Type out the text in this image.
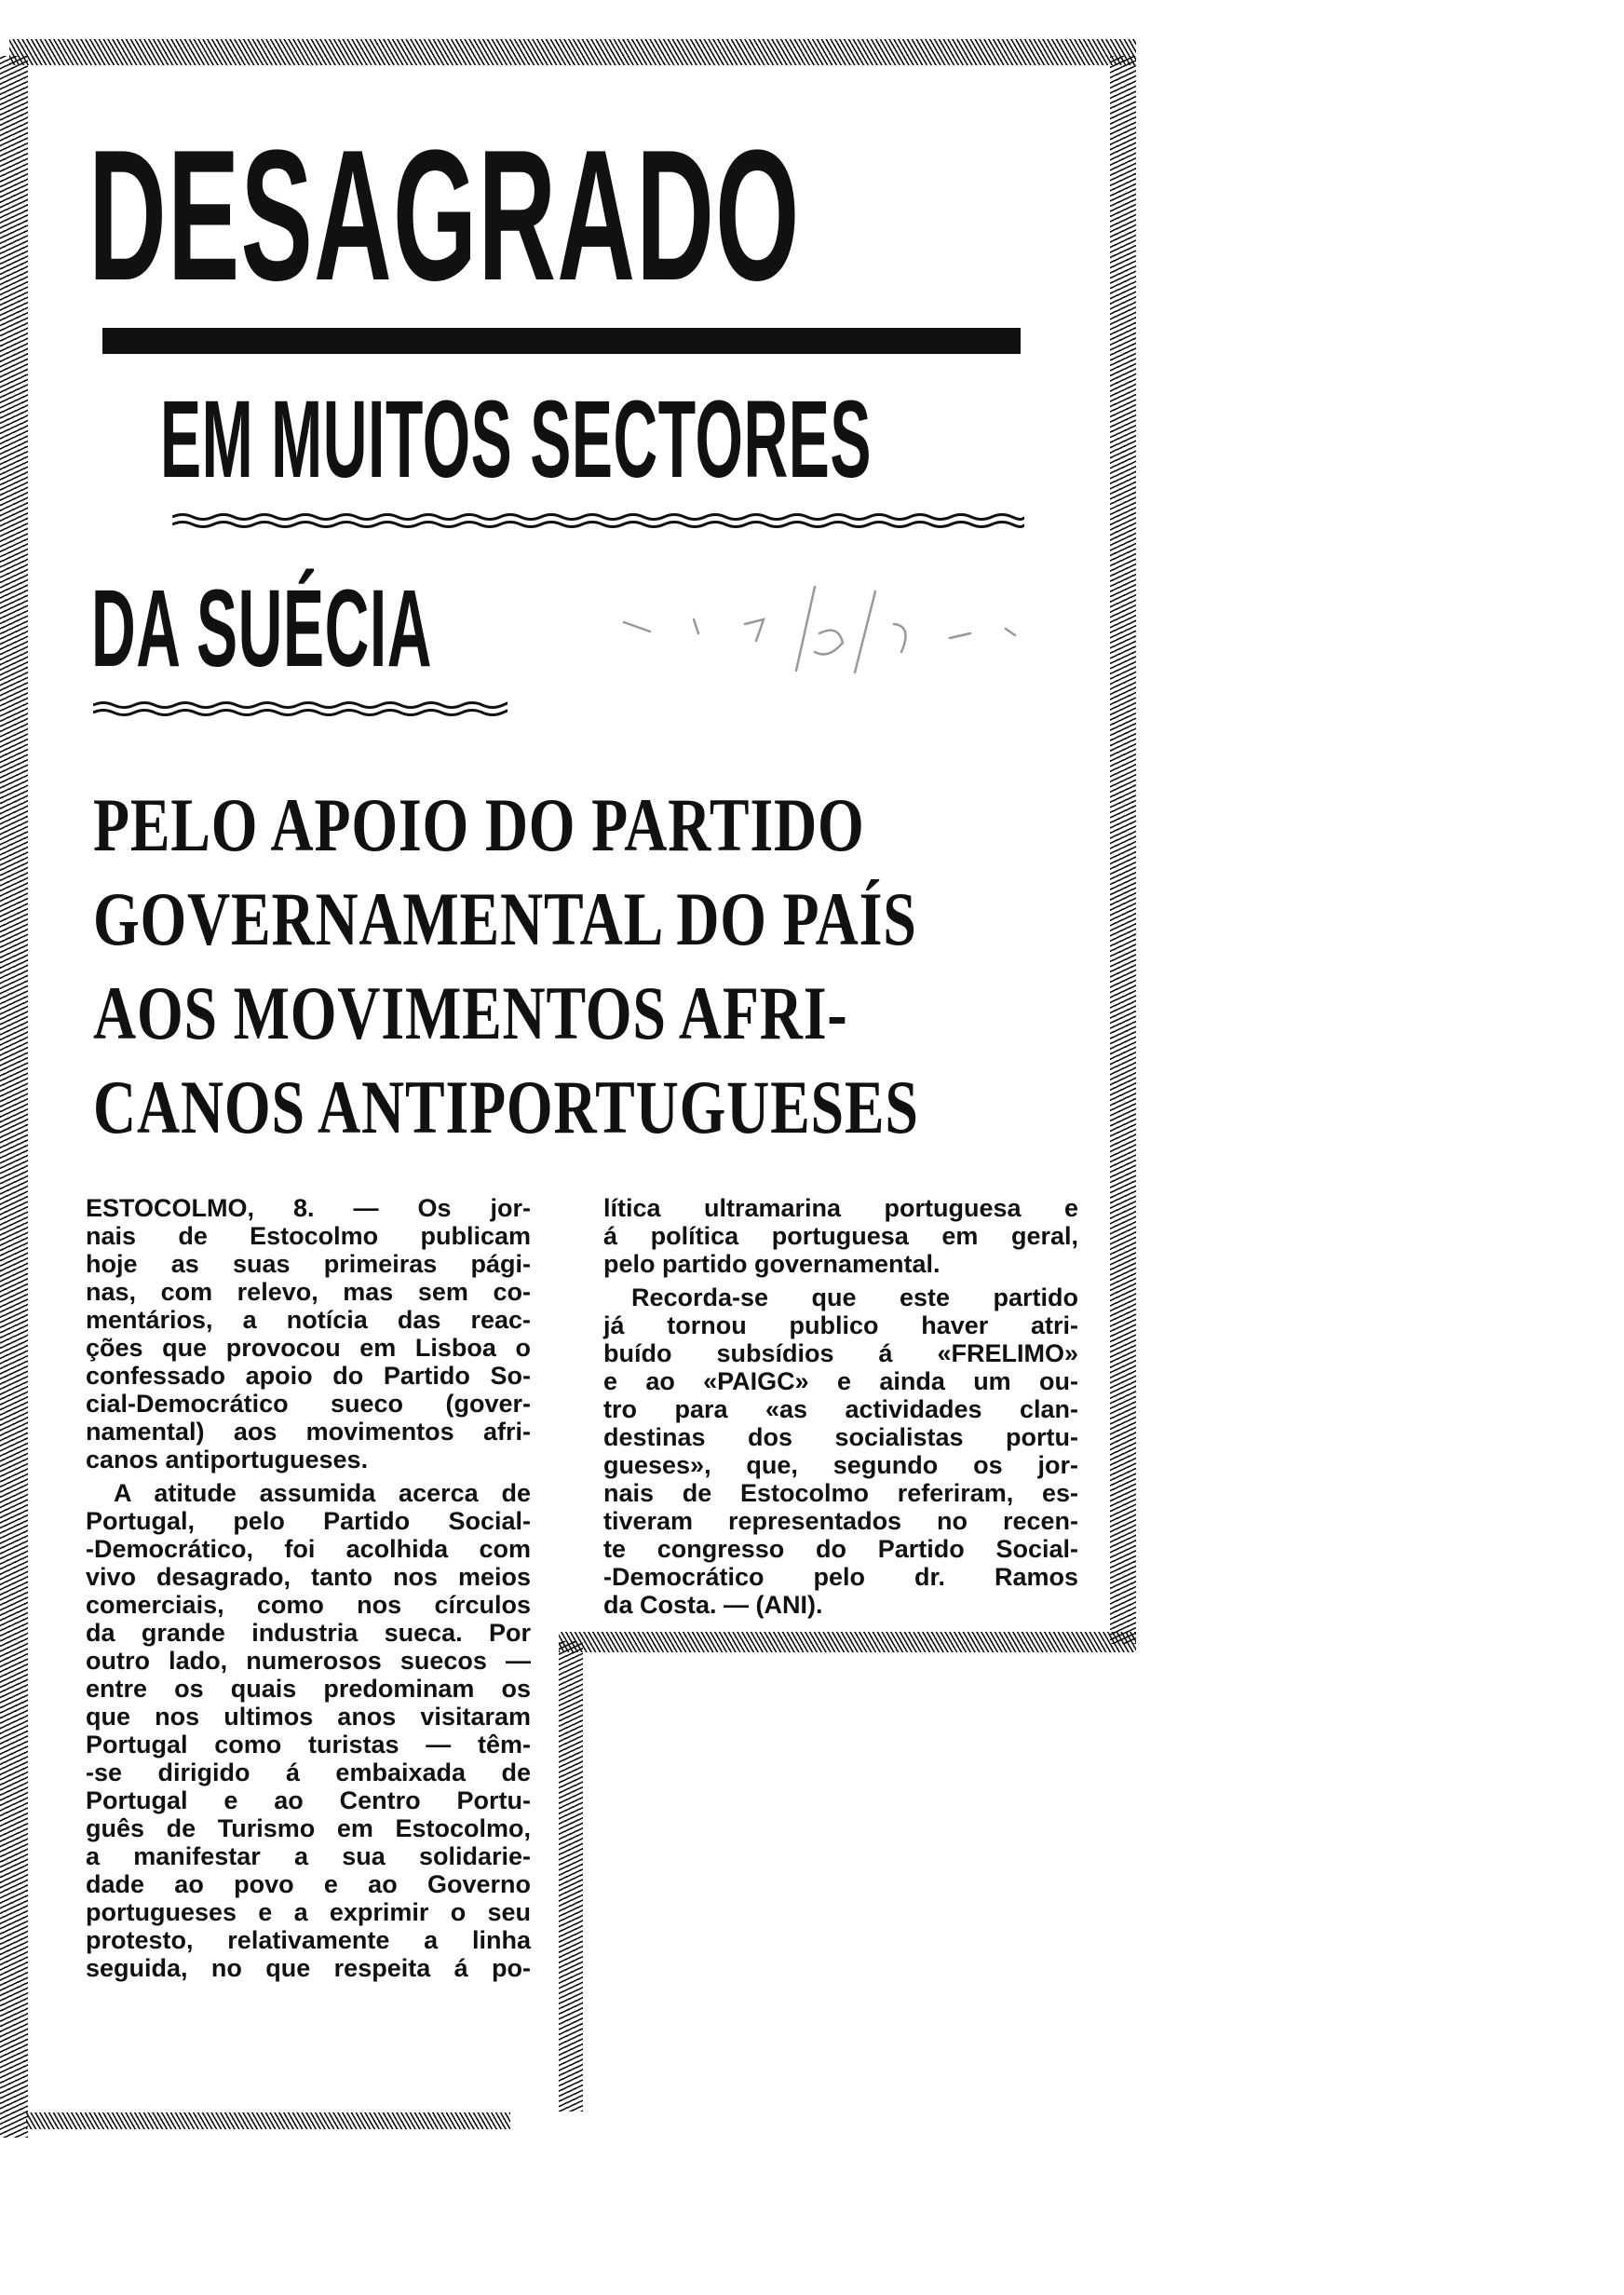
DESAGRADO
EM MUITOS SECTORES
DA SUÉCIA
PELO APOIO DO PARTIDO
GOVERNAMENTAL DO PAÍS
AOS MOVIMENTOS AFRI-
CANOS ANTIPORTUGUESES
ESTOCOLMO, 8. — Os jor-
nais de Estocolmo publicam
hoje as suas primeiras pági-
nas, com relevo, mas sem co-
mentários, a notícia das reac-
ções que provocou em Lisboa o
confessado apoio do Partido So-
cial-Democrático sueco (gover-
namental) aos movimentos afri-
canos antiportugueses.
A atitude assumida acerca de
Portugal, pelo Partido Social-
-Democrático, foi acolhida com
vivo desagrado, tanto nos meios
comerciais, como nos círculos
da grande industria sueca. Por
outro lado, numerosos suecos —
entre os quais predominam os
que nos ultimos anos visitaram
Portugal como turistas — têm-
-se dirigido á embaixada de
Portugal e ao Centro Portu-
guês de Turismo em Estocolmo,
a manifestar a sua solidarie-
dade ao povo e ao Governo
portugueses e a exprimir o seu
protesto, relativamente a linha
seguida, no que respeita á po-
lítica ultramarina portuguesa e
á política portuguesa em geral,
pelo partido governamental.
Recorda-se que este partido
já tornou publico haver atri-
buído subsídios á «FRELIMO»
e ao «PAIGC» e ainda um ou-
tro para «as actividades clan-
destinas dos socialistas portu-
gueses», que, segundo os jor-
nais de Estocolmo referiram, es-
tiveram representados no recen-
te congresso do Partido Social-
-Democrático pelo dr. Ramos
da Costa. — (ANI).
